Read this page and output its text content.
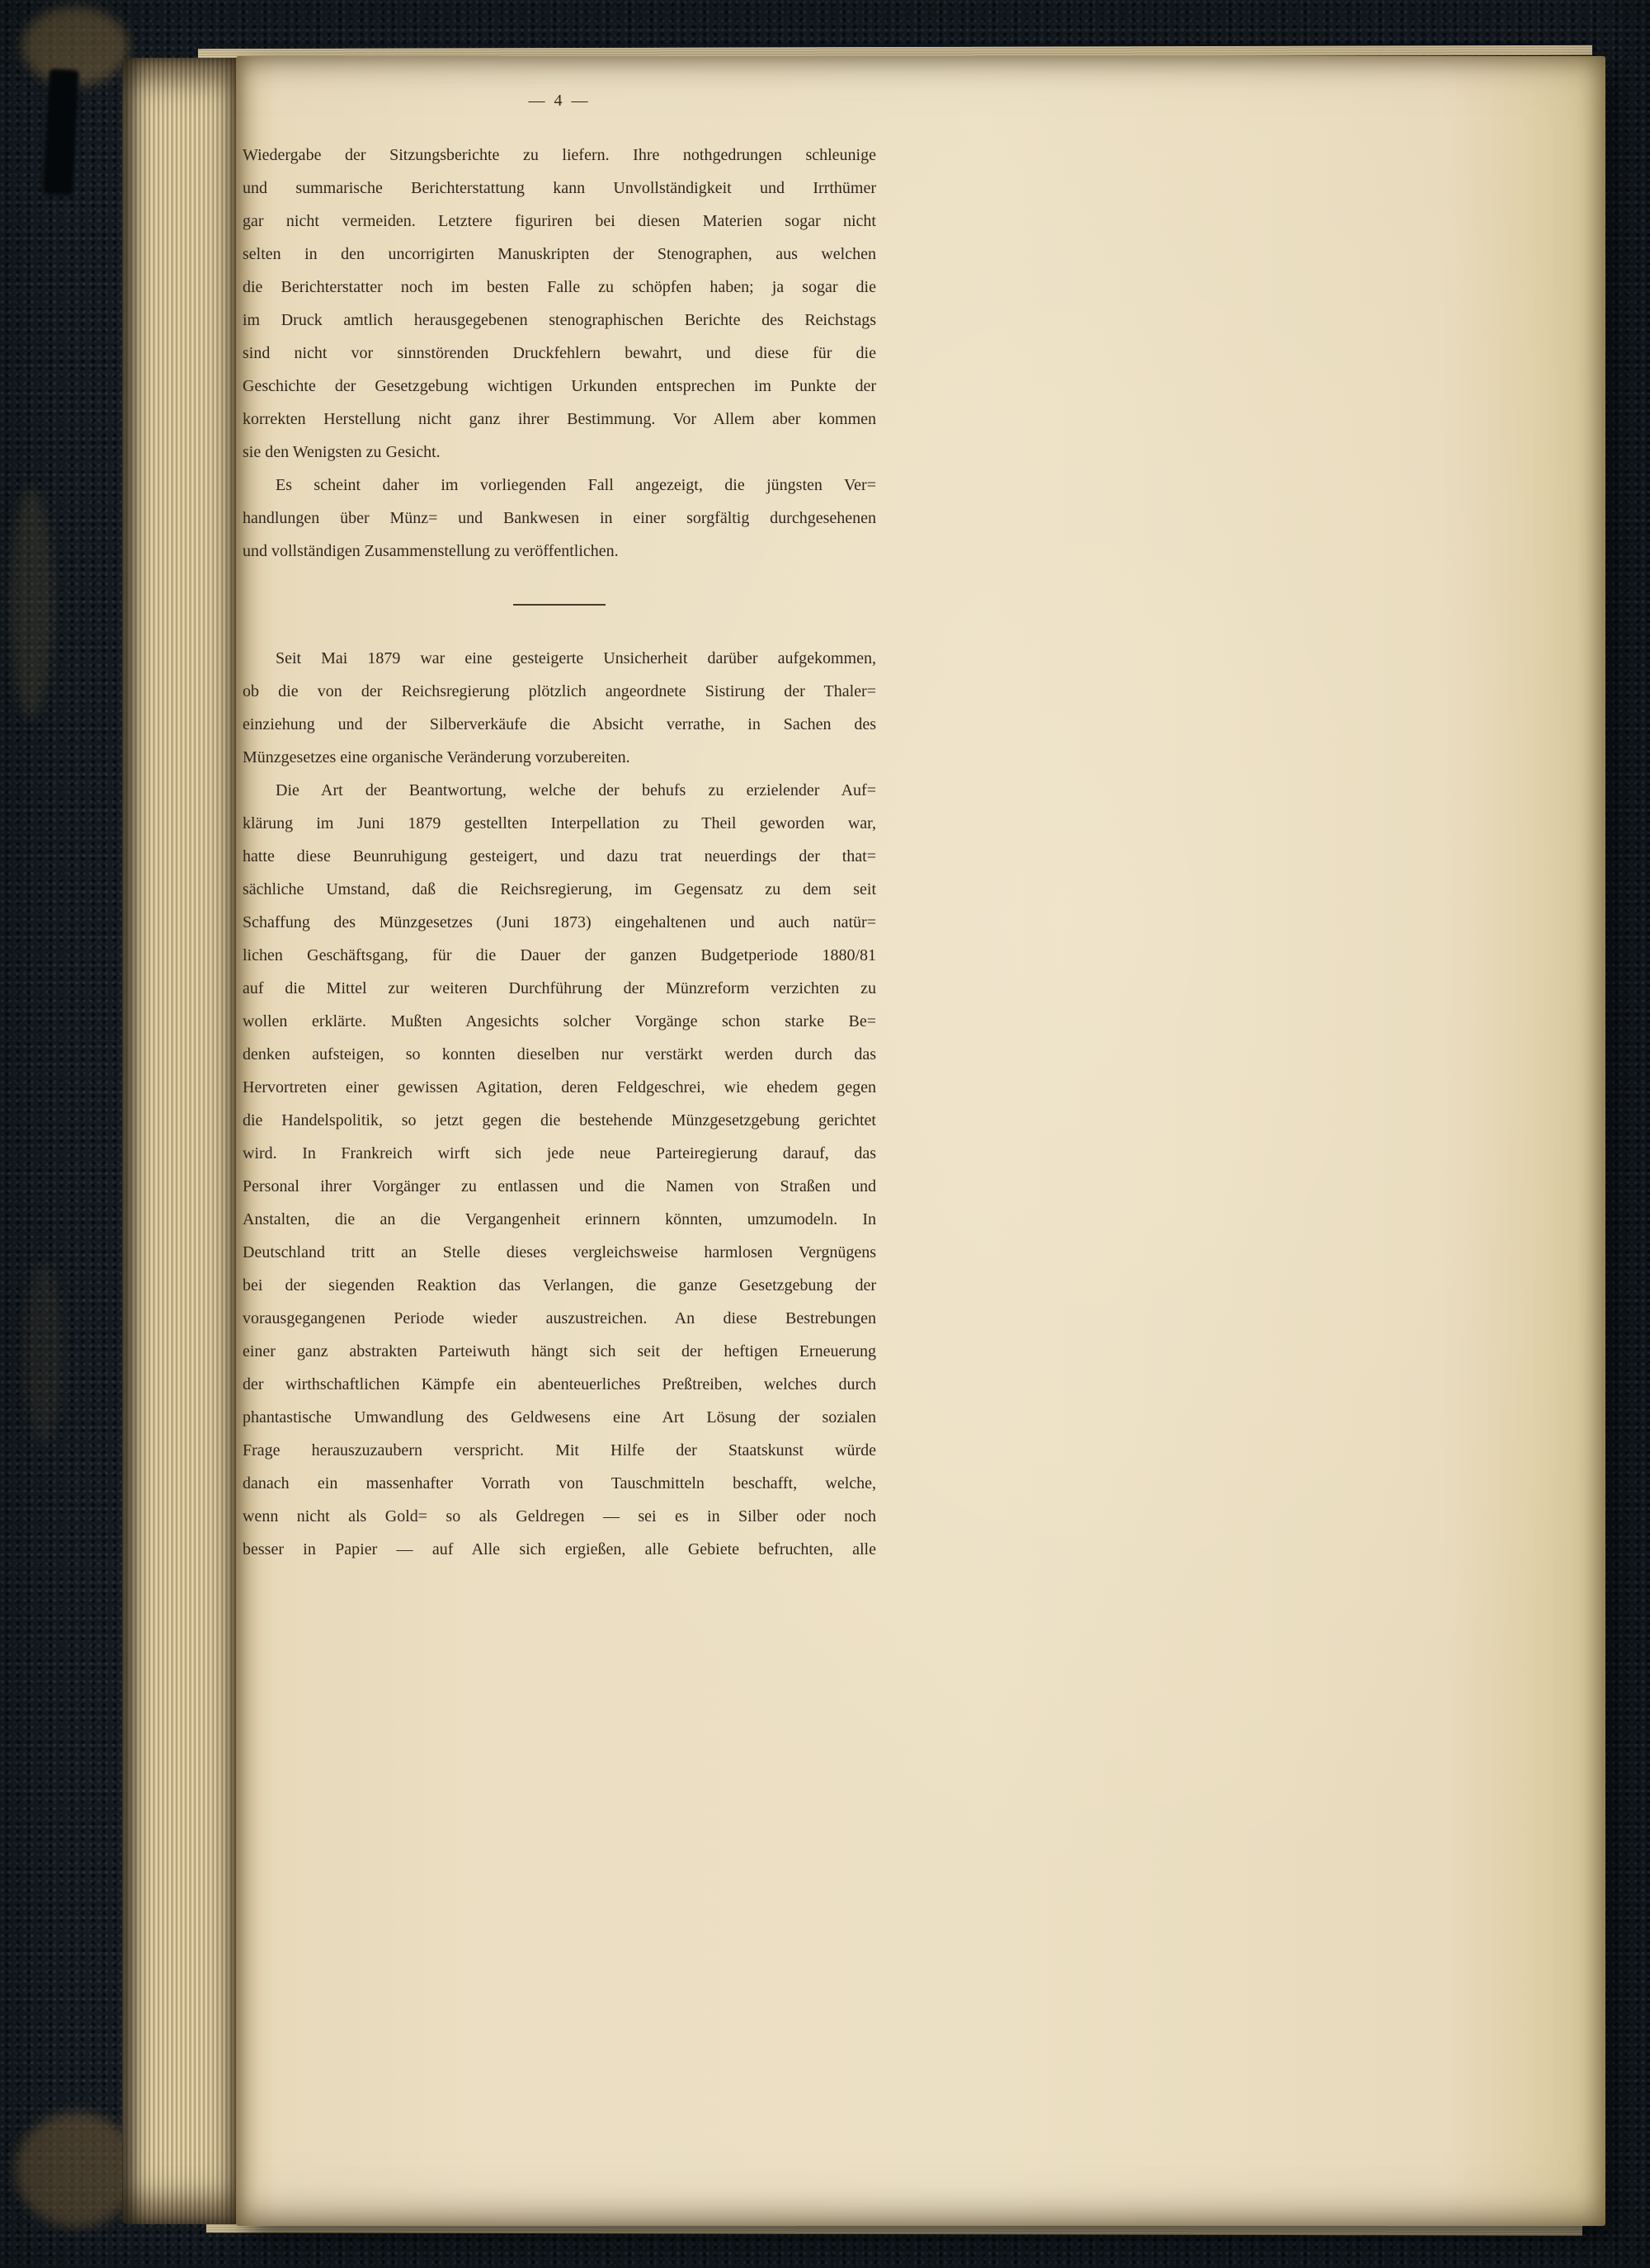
— 4 —
Wiedergabe der Sitzungsberichte zu liefern. Ihre nothgedrungen schleunige
und summarische Berichterstattung kann Unvollständigkeit und Irrthümer
gar nicht vermeiden. Letztere figuriren bei diesen Materien sogar nicht
selten in den uncorrigirten Manuskripten der Stenographen, aus welchen
die Berichterstatter noch im besten Falle zu schöpfen haben; ja sogar die
im Druck amtlich herausgegebenen stenographischen Berichte des Reichstags
sind nicht vor sinnstörenden Druckfehlern bewahrt, und diese für die
Geschichte der Gesetzgebung wichtigen Urkunden entsprechen im Punkte der
korrekten Herstellung nicht ganz ihrer Bestimmung. Vor Allem aber kommen
sie den Wenigsten zu Gesicht.
Es scheint daher im vorliegenden Fall angezeigt, die jüngsten Ver=
handlungen über Münz= und Bankwesen in einer sorgfältig durchgesehenen
und vollständigen Zusammenstellung zu veröffentlichen.
Seit Mai 1879 war eine gesteigerte Unsicherheit darüber aufgekommen,
ob die von der Reichsregierung plötzlich angeordnete Sistirung der Thaler=
einziehung und der Silberverkäufe die Absicht verrathe, in Sachen des
Münzgesetzes eine organische Veränderung vorzubereiten.
Die Art der Beantwortung, welche der behufs zu erzielender Auf=
klärung im Juni 1879 gestellten Interpellation zu Theil geworden war,
hatte diese Beunruhigung gesteigert, und dazu trat neuerdings der that=
sächliche Umstand, daß die Reichsregierung, im Gegensatz zu dem seit
Schaffung des Münzgesetzes (Juni 1873) eingehaltenen und auch natür=
lichen Geschäftsgang, für die Dauer der ganzen Budgetperiode 1880/81
auf die Mittel zur weiteren Durchführung der Münzreform verzichten zu
wollen erklärte. Mußten Angesichts solcher Vorgänge schon starke Be=
denken aufsteigen, so konnten dieselben nur verstärkt werden durch das
Hervortreten einer gewissen Agitation, deren Feldgeschrei, wie ehedem gegen
die Handelspolitik, so jetzt gegen die bestehende Münzgesetzgebung gerichtet
wird. In Frankreich wirft sich jede neue Parteiregierung darauf, das
Personal ihrer Vorgänger zu entlassen und die Namen von Straßen und
Anstalten, die an die Vergangenheit erinnern könnten, umzumodeln. In
Deutschland tritt an Stelle dieses vergleichsweise harmlosen Vergnügens
bei der siegenden Reaktion das Verlangen, die ganze Gesetzgebung der
vorausgegangenen Periode wieder auszustreichen. An diese Bestrebungen
einer ganz abstrakten Parteiwuth hängt sich seit der heftigen Erneuerung
der wirthschaftlichen Kämpfe ein abenteuerliches Preßtreiben, welches durch
phantastische Umwandlung des Geldwesens eine Art Lösung der sozialen
Frage herauszuzaubern verspricht. Mit Hilfe der Staatskunst würde
danach ein massenhafter Vorrath von Tauschmitteln beschafft, welche,
wenn nicht als Gold= so als Geldregen — sei es in Silber oder noch
besser in Papier — auf Alle sich ergießen, alle Gebiete befruchten, alle
